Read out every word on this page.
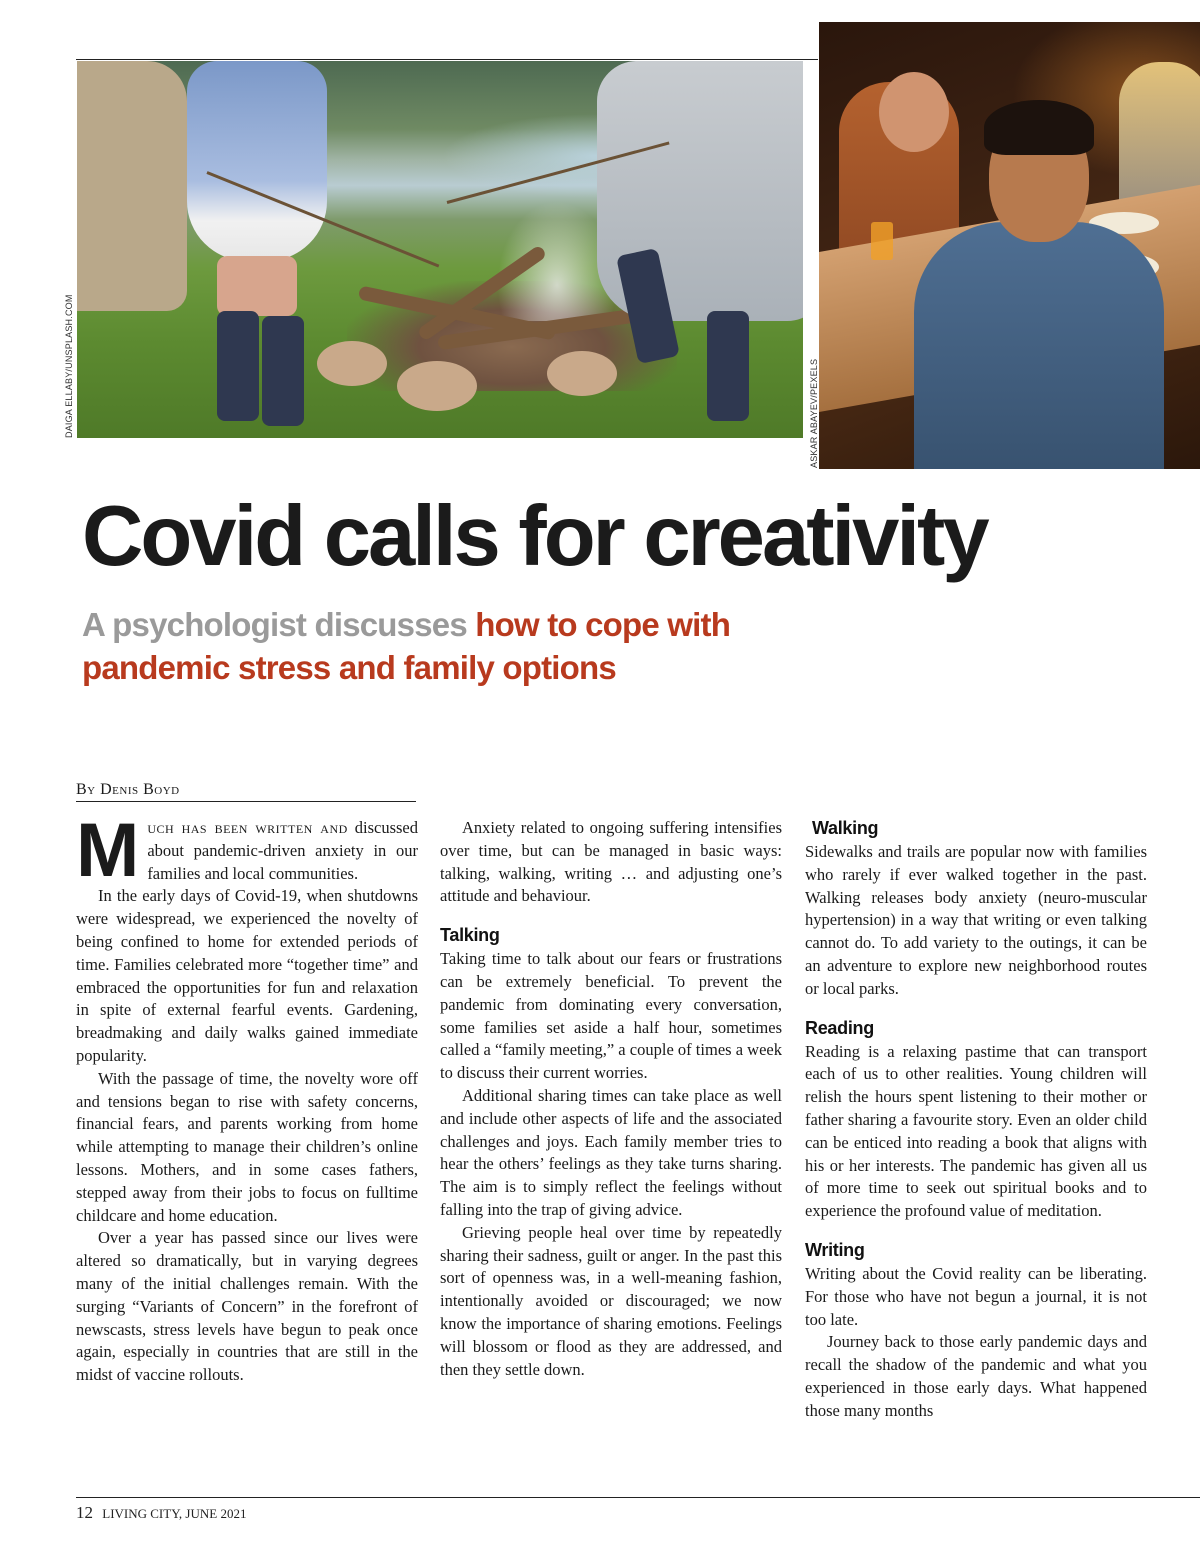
DAIGA ELLABY/UNSPLASH.COM	ASKAR ABAYEV/PEXELS
Covid calls for creativity
A psychologist discusses how to cope with pandemic stress and family options
By Denis Boyd

Much has been written and discussed about pandemic-driven anxiety in our families and local communities.

In the early days of Covid-19, when shutdowns were widespread, we experienced the novelty of being confined to home for extended periods of time. Families celebrated more “together time” and embraced the opportunities for fun and relaxation in spite of external fearful events. Gardening, breadmaking and daily walks gained immediate popularity.

With the passage of time, the novelty wore off and tensions began to rise with safety concerns, financial fears, and parents working from home while attempting to manage their children’s online lessons. Mothers, and in some cases fathers, stepped away from their jobs to focus on fulltime childcare and home education.

Over a year has passed since our lives were altered so dramatically, but in varying degrees many of the initial challenges remain. With the surging “Variants of Concern” in the forefront of newscasts, stress levels have begun to peak once again, especially in countries that are still in the midst of vaccine rollouts.

Anxiety related to ongoing suffering intensifies over time, but can be managed in basic ways: talking, walking, writing … and adjusting one’s attitude and behaviour.

Talking

Taking time to talk about our fears or frustrations can be extremely beneficial. To prevent the pandemic from dominating every conversation, some families set aside a half hour, sometimes called a “family meeting,” a couple of times a week to discuss their current worries.

Additional sharing times can take place as well and include other aspects of life and the associated challenges and joys. Each family member tries to hear the others’ feelings as they take turns sharing. The aim is to simply reflect the feelings without falling into the trap of giving advice.

Grieving people heal over time by repeatedly sharing their sadness, guilt or anger. In the past this sort of openness was, in a well-meaning fashion, intentionally avoided or discouraged; we now know the importance of sharing emotions. Feelings will blossom or flood as they are addressed, and then they settle down.

Walking

Sidewalks and trails are popular now with families who rarely if ever walked together in the past. Walking releases body anxiety (neuro-muscular hypertension) in a way that writing or even talking cannot do. To add variety to the outings, it can be an adventure to explore new neighborhood routes or local parks.

Reading

Reading is a relaxing pastime that can transport each of us to other realities. Young children will relish the hours spent listening to their mother or father sharing a favourite story. Even an older child can be enticed into reading a book that aligns with his or her interests. The pandemic has given all us of more time to seek out spiritual books and to experience the profound value of meditation.

Writing

Writing about the Covid reality can be liberating. For those who have not begun a journal, it is not too late.

Journey back to those early pandemic days and recall the shadow of the pandemic and what you experienced in those early days. What happened those many months

12 LIVING CITY, JUNE 2021
